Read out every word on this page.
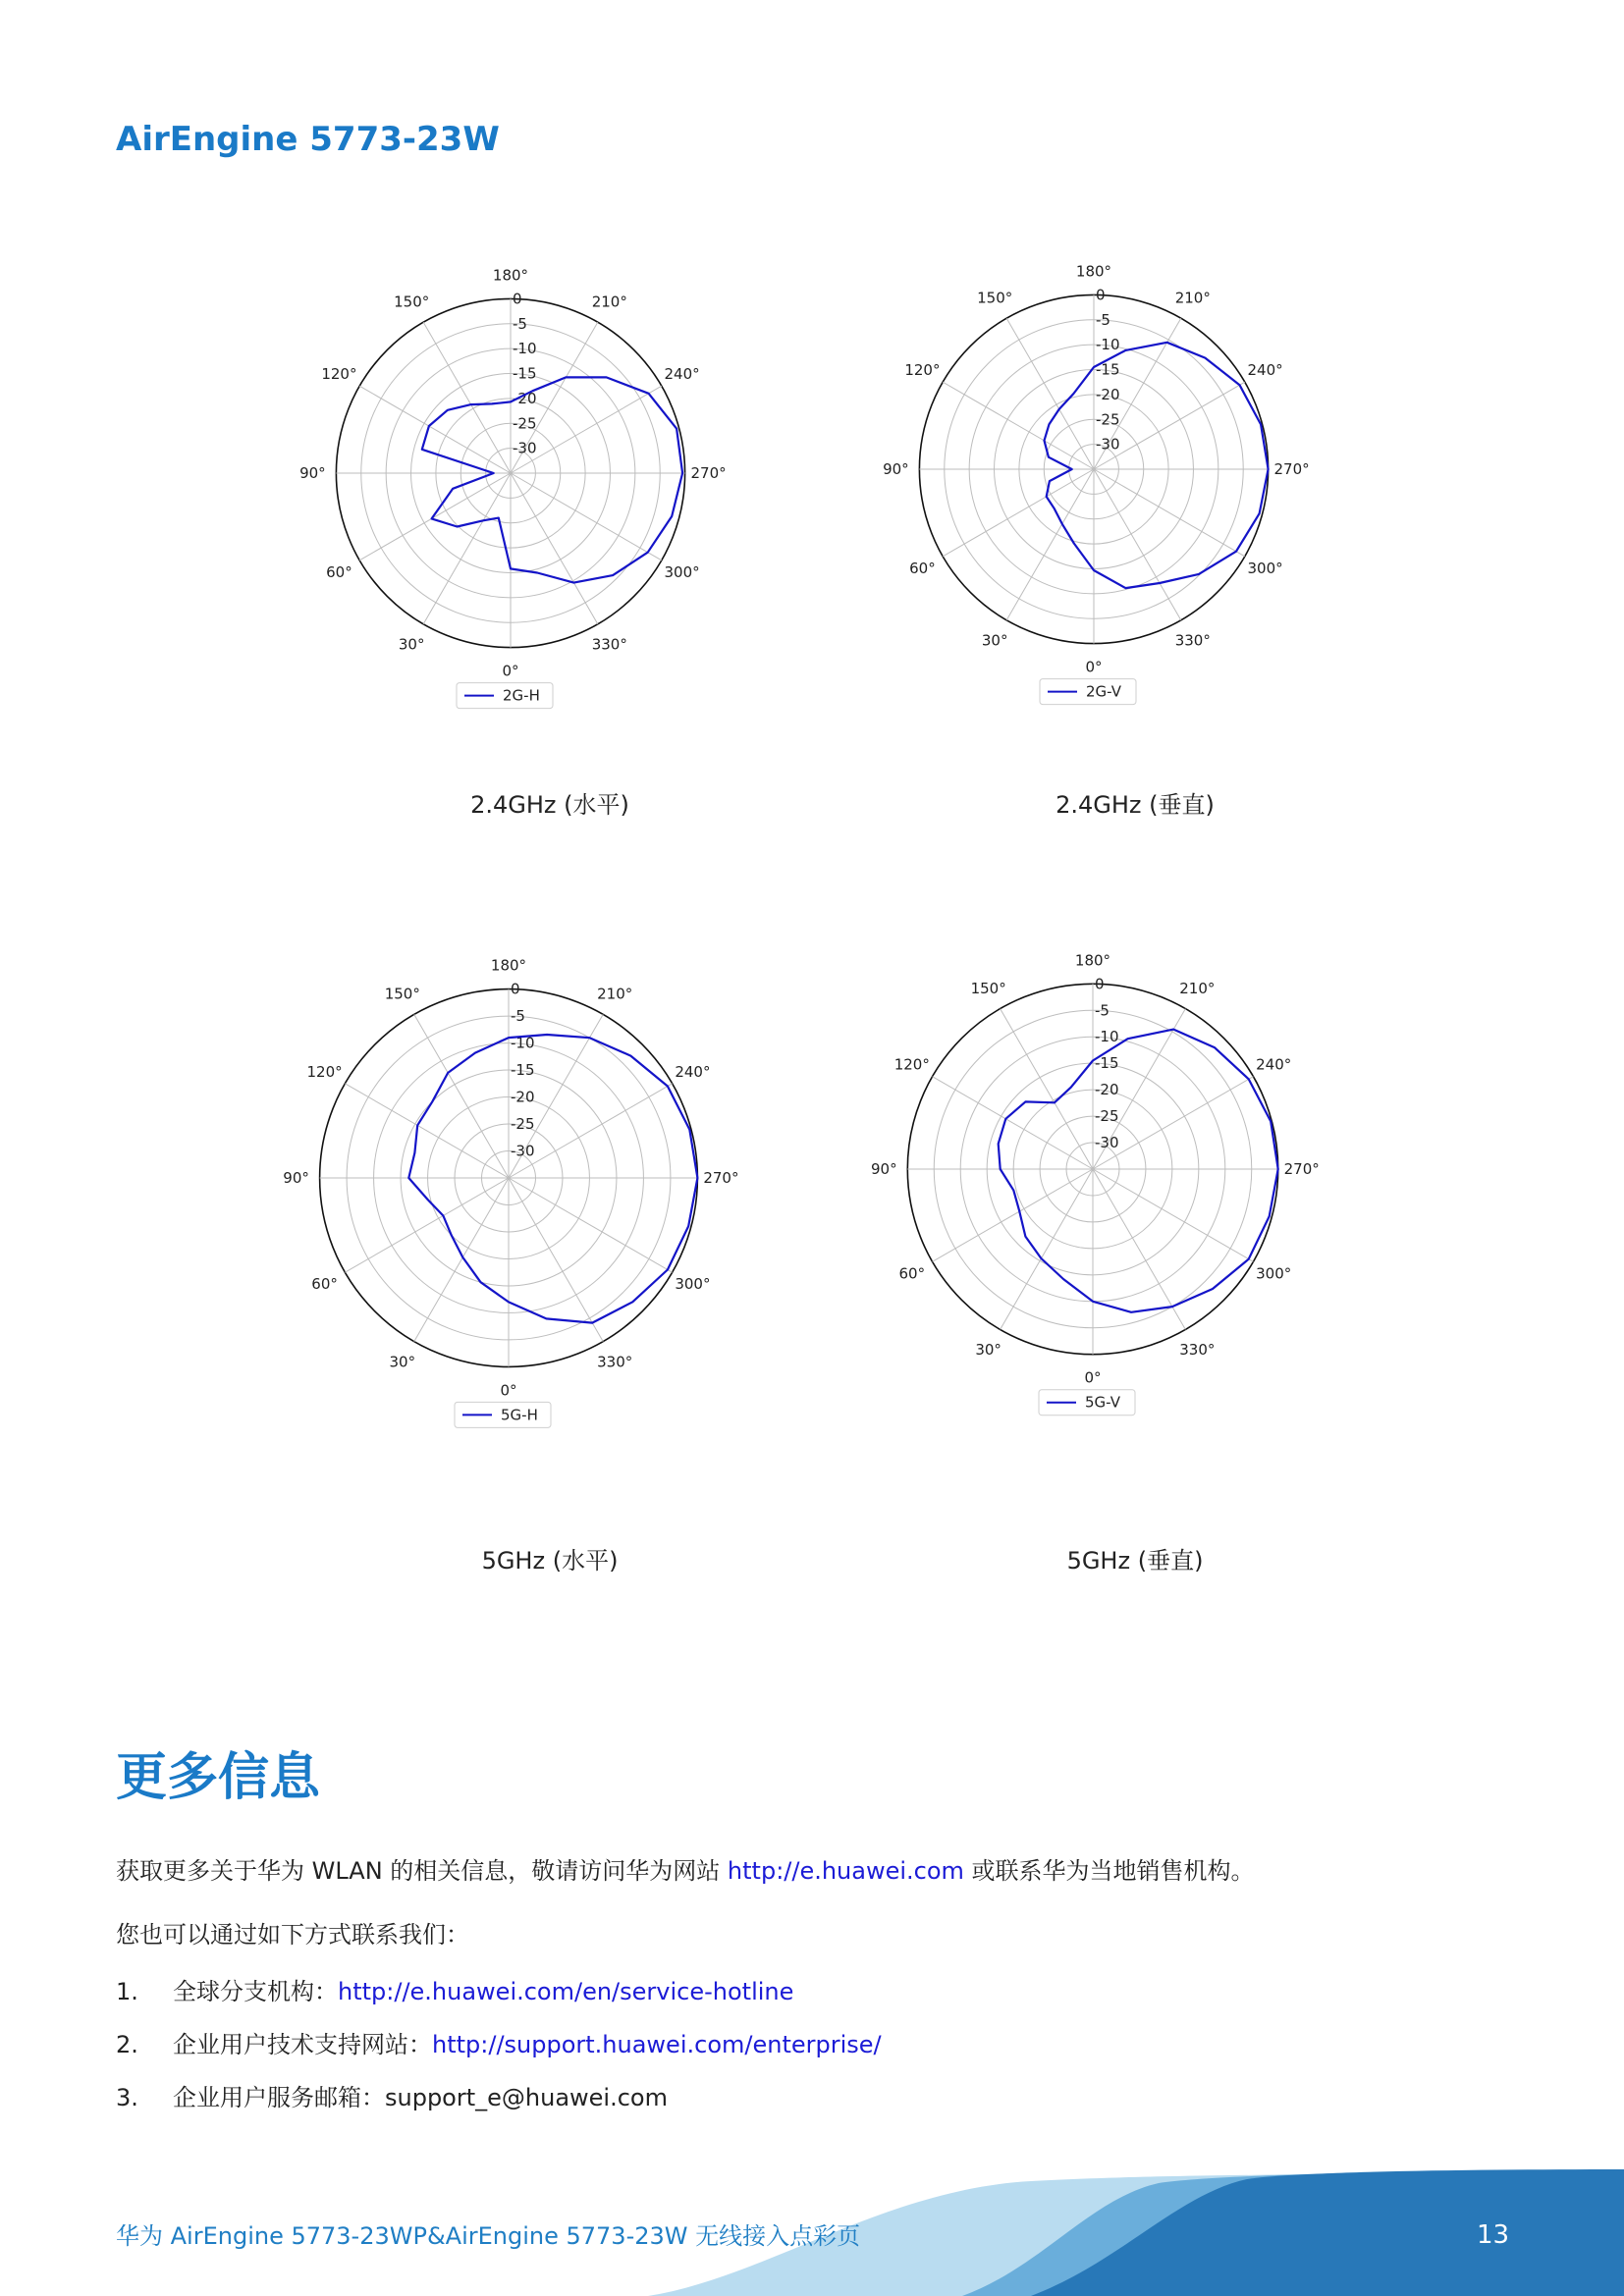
AirEngine 5773-23W
180°
210°
240°
270°
300°
330°
0°
30°
60°
90°
120°
150°	0
-5
-10
-15
-20
-25
-30
2G-H
2.4GHz (水平)
180°
210°
240°
270°
300°
330°
0°
30°
60°
90°
120°
150°	0
-5
-10
-15
-20
-25
-30
2G-V
2.4GHz (垂直)
180°
210°
240°
270°
300°
330°
0°
30°
60°
90°
120°
150°	0
-5
-10
-15
-20
-25
-30
5G-H
5GHz (水平)
180°
210°
240°
270°
300°
330°
0°
30°
60°
90°
120°
150°	0
-5
-10
-15
-20
-25
-30
5G-V
5GHz (垂直)
更多信息

获取更多关于华为 WLAN 的相关信息，敬请访问华为网站 http://e.huawei.com 或联系华为当地销售机构。

您也可以通过如下方式联系我们：

1. 全球分支机构：http://e.huawei.com/en/service-hotline
2. 企业用户技术支持网站：http://support.huawei.com/enterprise/
3. 企业用户服务邮箱：support_e@huawei.com

华为 AirEngine 5773-23WP&AirEngine 5773-23W 无线接入点彩页	13
